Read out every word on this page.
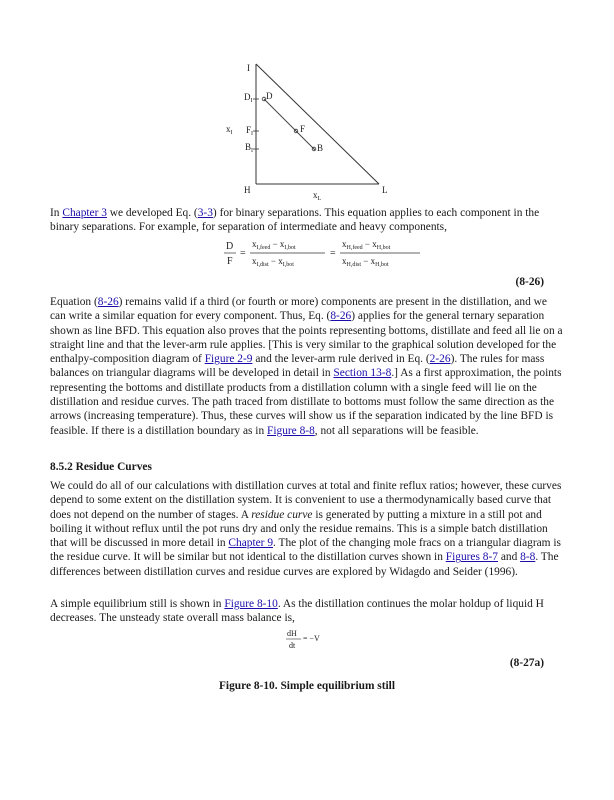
I
$D_I$ D
$x_I$ $F_I$	F
$B_I$	B
H	L
$x_L$
In Chapter 3 we developed Eq. (3-3) for binary separations. This equation applies to each component in the binary separations. For example, for separation of intermediate and heavy components,
D
F
=
$x_{I,feed} - x_{I,bot}$
$x_{I,dist} - x_{I,bot}$
=
$x_{H,feed} - x_{H,bot}$
$x_{H,dist} - x_{H,bot}$
(8-26)
Equation (8-26) remains valid if a third (or fourth or more) components are present in the distillation, and we can write a similar equation for every component. Thus, Eq. (8-26) applies for the general ternary separation shown as line BFD. This equation also proves that the points representing bottoms, distillate and feed all lie on a straight line and that the lever-arm rule applies. [This is very similar to the graphical solution developed for the enthalpy-composition diagram of Figure 2-9 and the lever-arm rule derived in Eq. (2-26). The rules for mass balances on triangular diagrams will be developed in detail in Section 13-8.] As a first approximation, the points representing the bottoms and distillate products from a distillation column with a single feed will lie on the distillation and residue curves. The path traced from distillate to bottoms must follow the same direction as the arrows (increasing temperature). Thus, these curves will show us if the separation indicated by the line BFD is feasible. If there is a distillation boundary as in Figure 8-8, not all separations will be feasible.
8.5.2 Residue Curves
We could do all of our calculations with distillation curves at total and finite reflux ratios; however, these curves depend to some extent on the distillation system. It is convenient to use a thermodynamically based curve that does not depend on the number of stages. A residue curve is generated by putting a mixture in a still pot and boiling it without reflux until the pot runs dry and only the residue remains. This is a simple batch distillation that will be discussed in more detail in Chapter 9. The plot of the changing mole fracs on a triangular diagram is the residue curve. It will be similar but not identical to the distillation curves shown in Figures 8-7 and 8-8. The differences between distillation curves and residue curves are explored by Widagdo and Seider (1996).
A simple equilibrium still is shown in Figure 8-10. As the distillation continues the molar holdup of liquid H decreases. The unsteady state overall mass balance is,
dH
dt
= −V
(8-27a)
Figure 8-10. Simple equilibrium still
